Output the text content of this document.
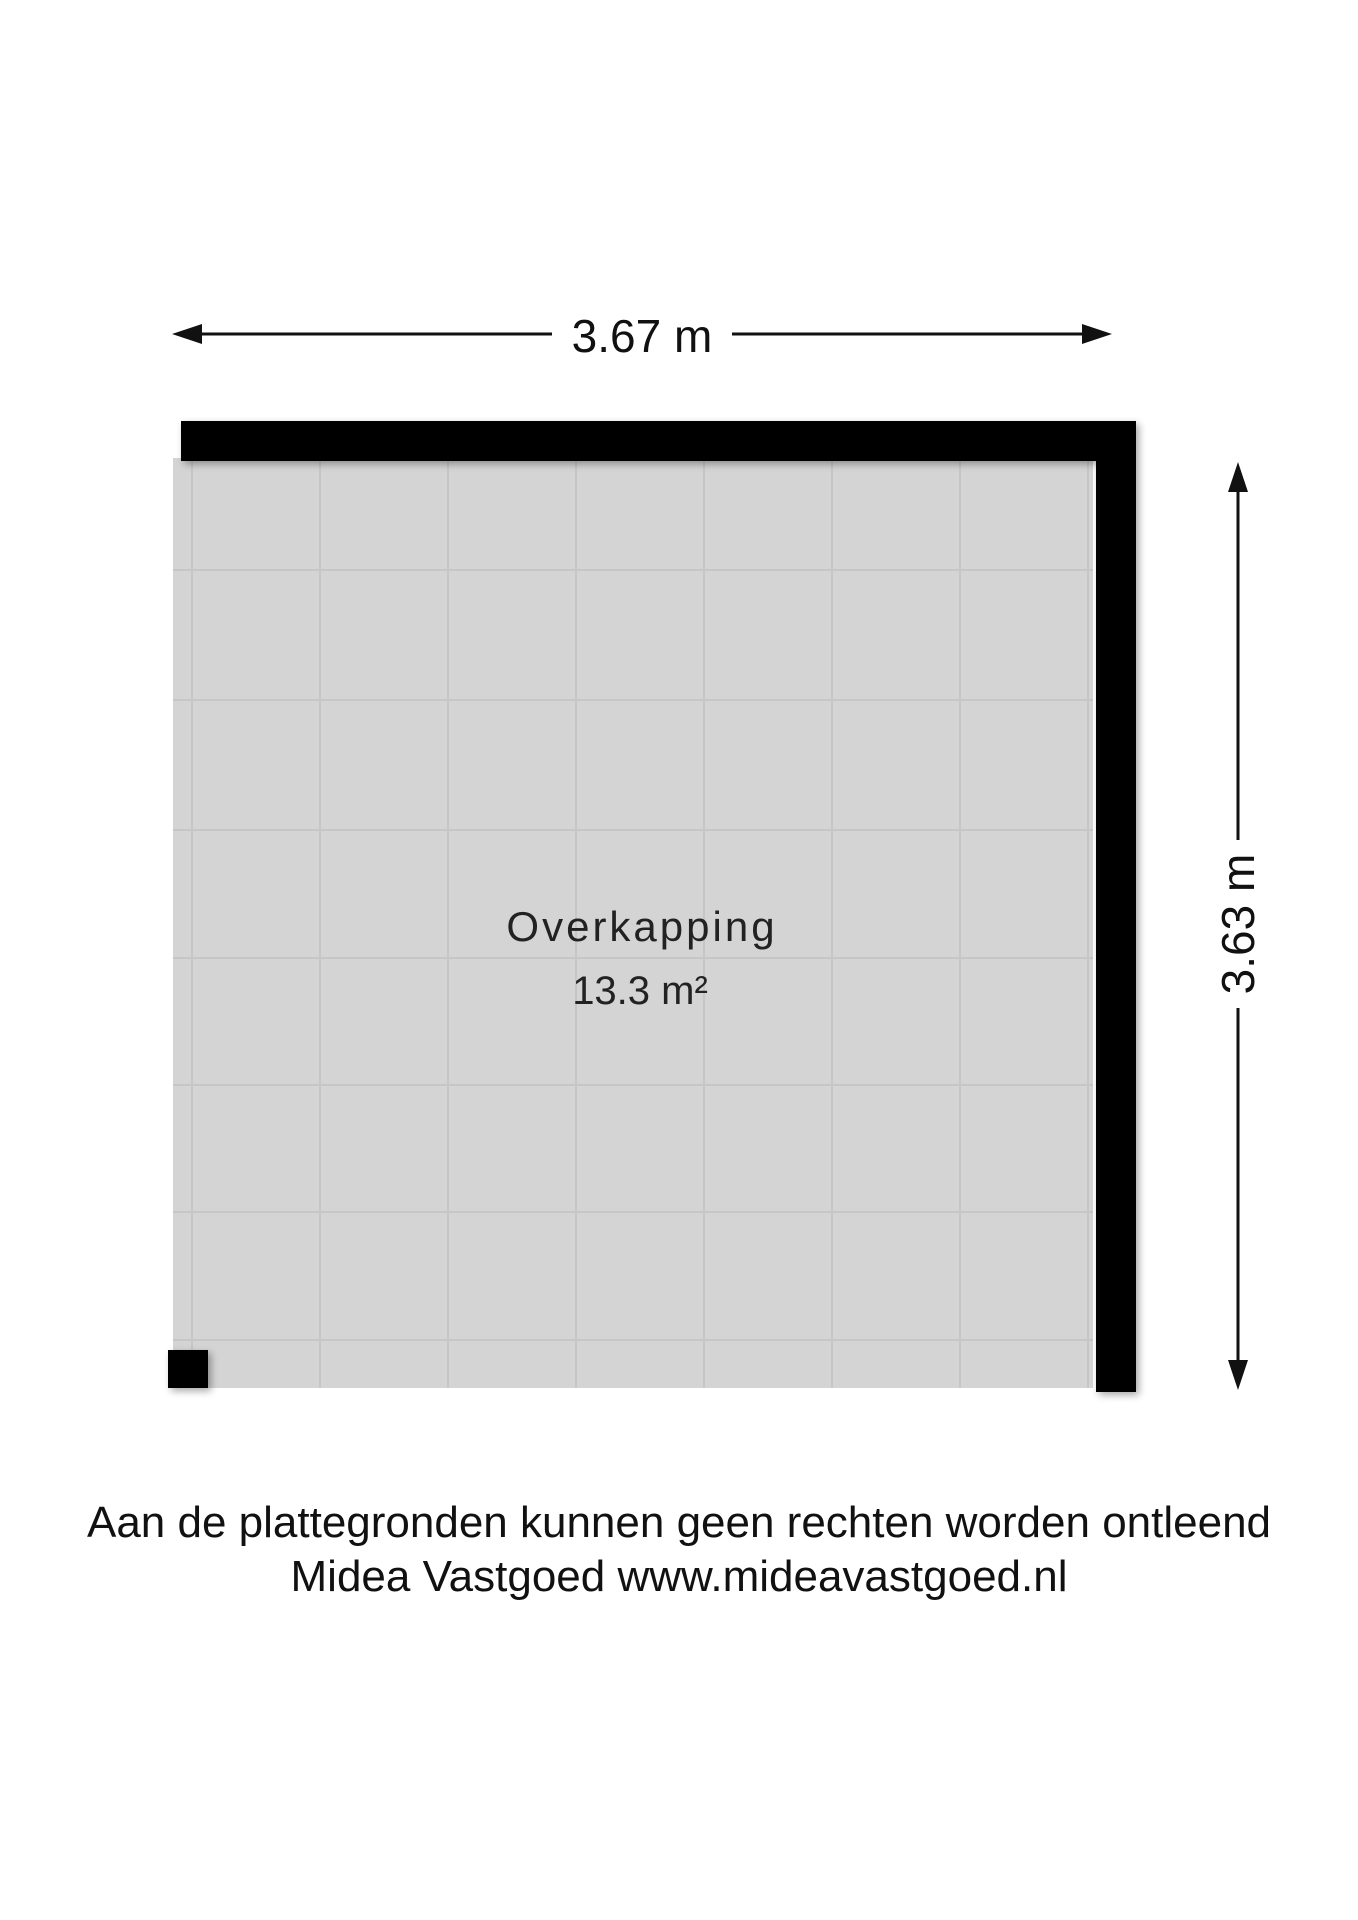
3.67 m
3.63 m
Overkapping
13.3 m²
Aan de plattegronden kunnen geen rechten worden ontleend
Midea Vastgoed www.mideavastgoed.nl
